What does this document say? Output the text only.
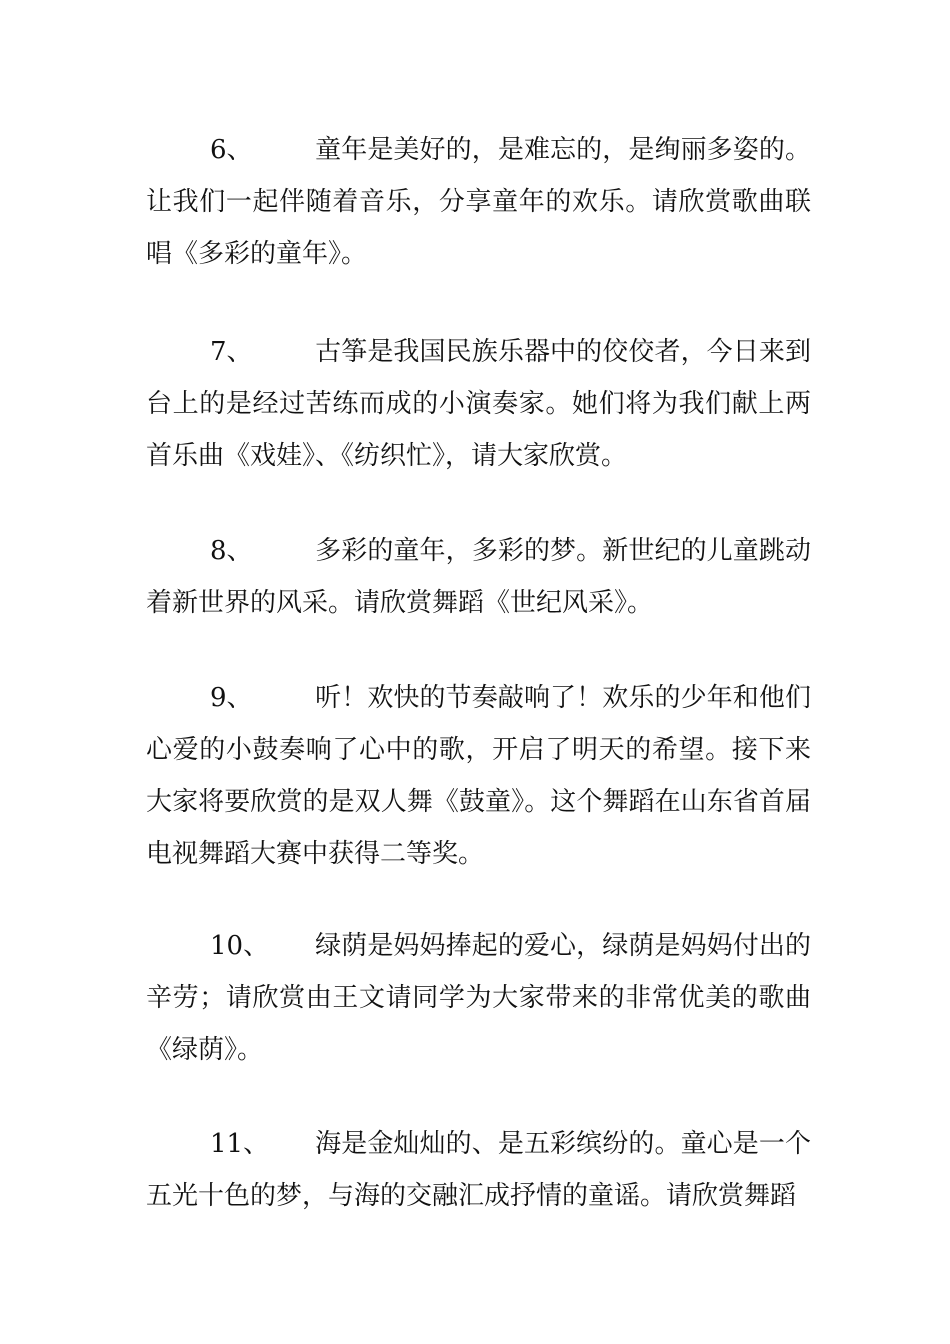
6、 童年是美好的，是难忘的，是绚丽多姿的。让我们一起伴随着音乐，分享童年的欢乐。请欣赏歌曲联唱《多彩的童年》。

7、 古筝是我国民族乐器中的佼佼者，今日来到台上的是经过苦练而成的小演奏家。她们将为我们献上两首乐曲《戏娃》、《纺织忙》，请大家欣赏。

8、 多彩的童年，多彩的梦。新世纪的儿童跳动着新世界的风采。请欣赏舞蹈《世纪风采》。

9、 听！欢快的节奏敲响了！欢乐的少年和他们心爱的小鼓奏响了心中的歌，开启了明天的希望。接下来大家将要欣赏的是双人舞《鼓童》。这个舞蹈在山东省首届电视舞蹈大赛中获得二等奖。

10、 绿荫是妈妈捧起的爱心，绿荫是妈妈付出的辛劳；请欣赏由王文请同学为大家带来的非常优美的歌曲《绿荫》。

11、 海是金灿灿的、是五彩缤纷的。童心是一个五光十色的梦，与海的交融汇成抒情的童谣。请欣赏舞蹈
